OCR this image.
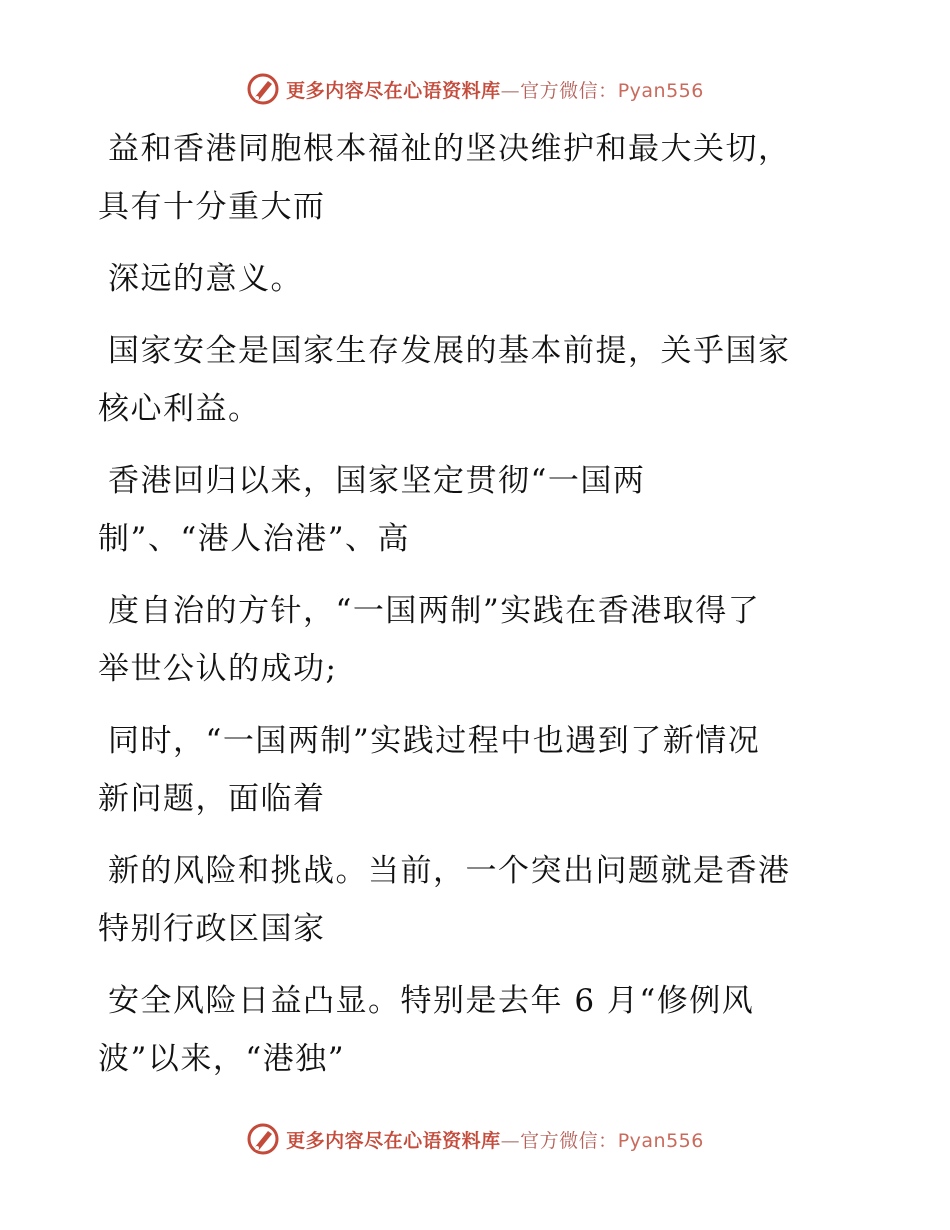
更多内容尽在心语资料库—官方微信：Pyan556

益和香港同胞根本福祉的坚决维护和最大关切，
具有十分重大而

深远的意义。

国家安全是国家生存发展的基本前提，关乎国家
核心利益。

香港回归以来，国家坚定贯彻“一国两
制”、“港人治港”、高

度自治的方针，“一国两制”实践在香港取得了
举世公认的成功;

同时，“一国两制”实践过程中也遇到了新情况
新问题，面临着

新的风险和挑战。当前，一个突出问题就是香港
特别行政区国家

安全风险日益凸显。特别是去年 6 月“修例风
波”以来，“港独”

更多内容尽在心语资料库—官方微信：Pyan556
